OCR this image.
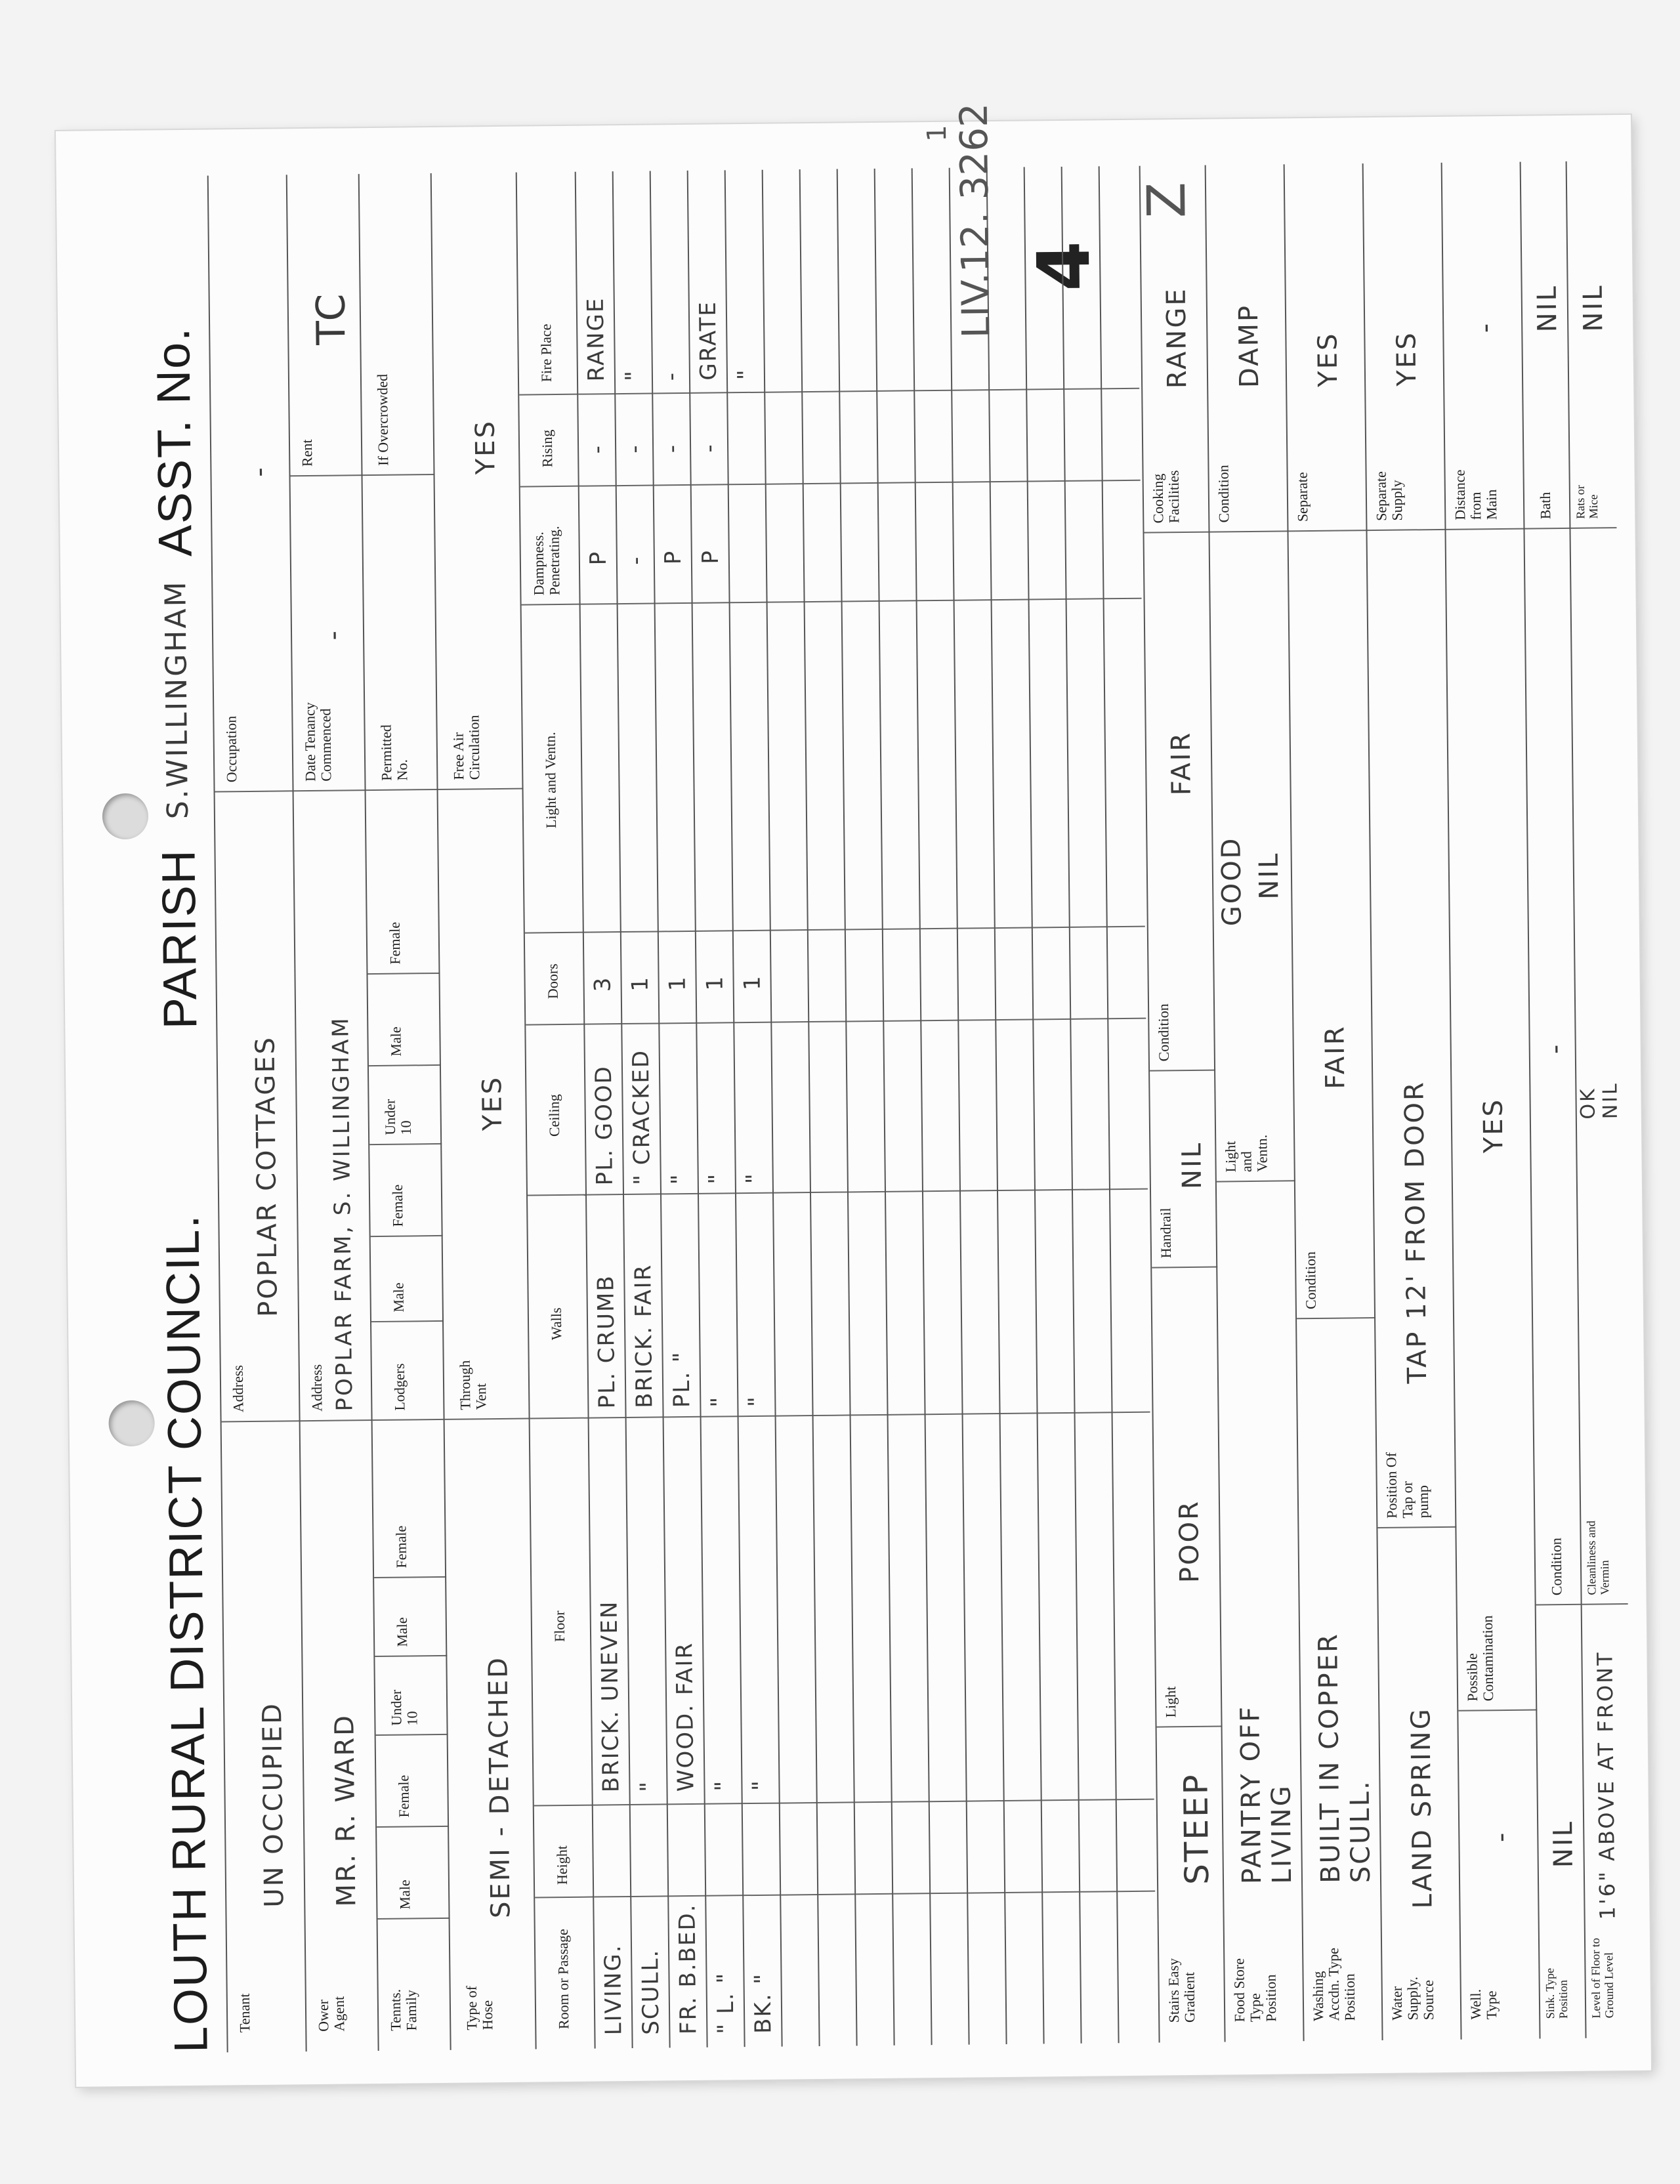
LIV.12. 3262 4
Z
1
LOUTH RURAL DISTRICT COUNCIL.
PARISH
S.WILLINGHAM
ASST. No.
Tenant
UN OCCUPIED
Address
POPLAR COTTAGES
Occupation
-
Ower Agent
MR. R. WARD
Address POPLAR FARM, S. WILLINGHAM
Date Tenancy Commenced
-
Rent
TC
Tennts. Family
Male
Female
Under 10
Male
Female
Lodgers
Male
Female
Under 10
Male
Female
Permitted No.
If Overcrowded
Type of Hose
SEMI - DETACHED
Through Vent
YES
Free Air Circulation
YES
Room or Passage
Height
Floor
Walls
Ceiling
Doors
Light and Ventn.
Dampness. Penetrating.
Rising
Fire Place
LIVING.
BRICK. UNEVEN
PL. CRUMB
PL. GOOD
3
P
-
RANGE
SCULL.
"
BRICK. FAIR
" CRACKED
1
-
-
"
FR. B.BED.
WOOD. FAIR
PL. "
"
1
P
-
-
" L. "
"
"
"
1
P
-
GRATE
BK. "
"
"
"
1
"
Stairs Easy Gradient
STEEP
Light
POOR
Handrail
NIL
Condition
FAIR
Cooking Facilities
RANGE
Food Store Type Position
PANTRY OFF LIVING
Light and Ventn.
GOOD NIL
Condition
DAMP
Washing Accdn. Type Position
BUILT IN COPPER SCULL.
Condition
FAIR
Separate
YES
Water Supply. Source
LAND SPRING
Position Of Tap or pump
TAP 12' FROM DOOR
Separate Supply
YES
Well. Type
-
Possible Contamination
YES
Distance from Main
-
Sink. Type Position
NIL
Condition
-
Bath
NIL
Level of Floor to Ground Level
1'6" ABOVE AT FRONT
Cleanliness and Vermin
OK
NIL
Rats or Mice
NIL
